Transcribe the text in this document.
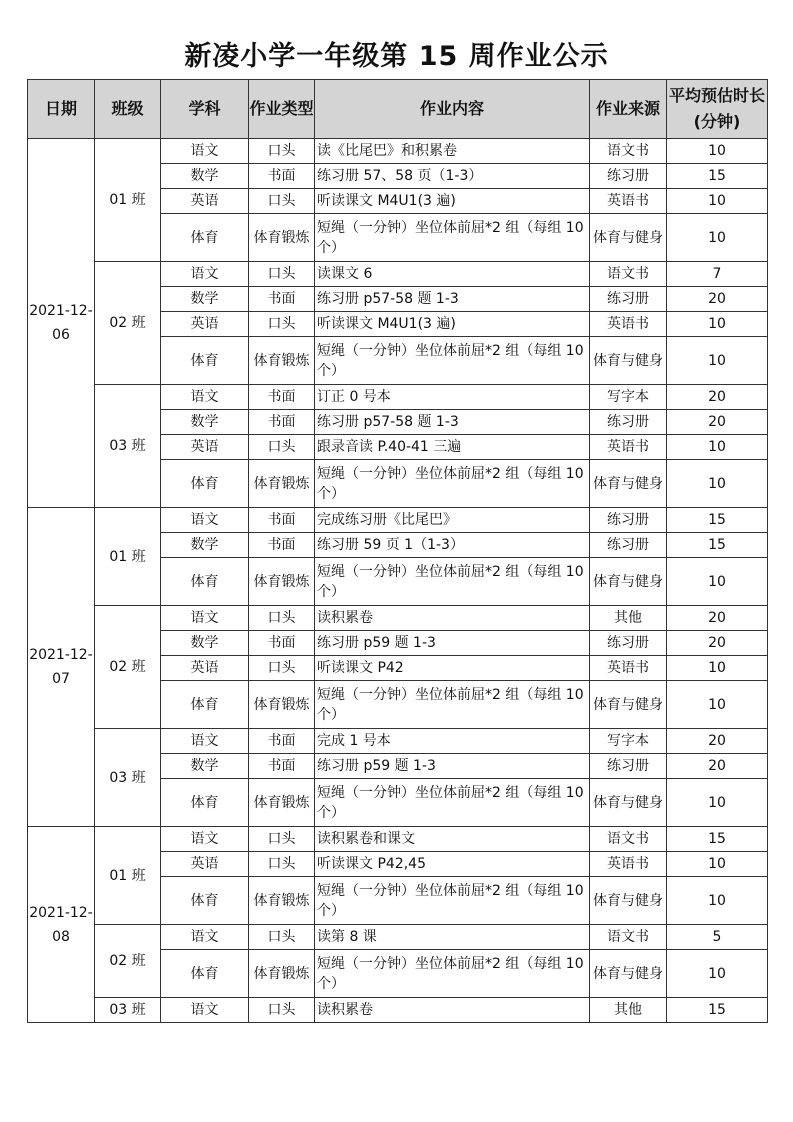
新凌小学一年级第 15 周作业公示
日期	班级	学科	作业类型	作业内容	作业来源	平均预估时长(分钟)
2021-12-06	01 班	语文	口头	读《比尾巴》和积累卷	语文书	10
		数学	书面	练习册 57、58 页（1-3）	练习册	15
		英语	口头	听读课文 M4U1(3 遍)	英语书	10
		体育	体育锻炼	短绳（一分钟）坐位体前屈*2 组（每组 10 个）	体育与健身	10
	02 班	语文	口头	读课文 6	语文书	7
		数学	书面	练习册 p57-58 题 1-3	练习册	20
		英语	口头	听读课文 M4U1(3 遍)	英语书	10
		体育	体育锻炼	短绳（一分钟）坐位体前屈*2 组（每组 10 个）	体育与健身	10
	03 班	语文	书面	订正 0 号本	写字本	20
		数学	书面	练习册 p57-58 题 1-3	练习册	20
		英语	口头	跟录音读 P.40-41 三遍	英语书	10
		体育	体育锻炼	短绳（一分钟）坐位体前屈*2 组（每组 10 个）	体育与健身	10
2021-12-07	01 班	语文	书面	完成练习册《比尾巴》	练习册	15
		数学	书面	练习册 59 页 1（1-3）	练习册	15
		体育	体育锻炼	短绳（一分钟）坐位体前屈*2 组（每组 10 个）	体育与健身	10
	02 班	语文	口头	读积累卷	其他	20
		数学	书面	练习册 p59 题 1-3	练习册	20
		英语	口头	听读课文 P42	英语书	10
		体育	体育锻炼	短绳（一分钟）坐位体前屈*2 组（每组 10 个）	体育与健身	10
	03 班	语文	书面	完成 1 号本	写字本	20
		数学	书面	练习册 p59 题 1-3	练习册	20
		体育	体育锻炼	短绳（一分钟）坐位体前屈*2 组（每组 10 个）	体育与健身	10
2021-12-08	01 班	语文	口头	读积累卷和课文	语文书	15
		英语	口头	听读课文 P42,45	英语书	10
		体育	体育锻炼	短绳（一分钟）坐位体前屈*2 组（每组 10 个）	体育与健身	10
	02 班	语文	口头	读第 8 课	语文书	5
		体育	体育锻炼	短绳（一分钟）坐位体前屈*2 组（每组 10 个）	体育与健身	10
	03 班	语文	口头	读积累卷	其他	15
